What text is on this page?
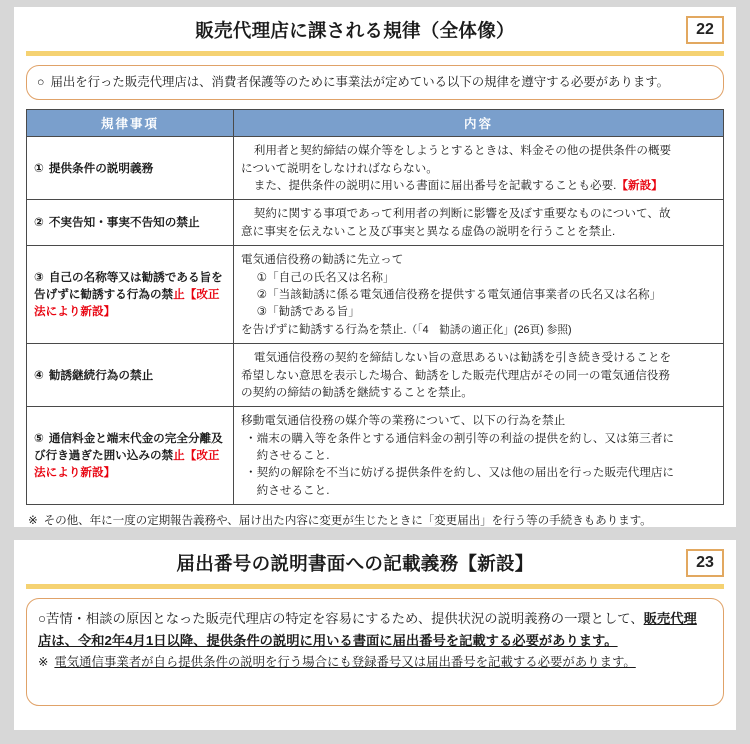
販売代理店に課される規律（全体像）	22
○ 届出を行った販売代理店は、消費者保護等のために事業法が定めている以下の規律を遵守する必要があります。
規律事項	内容
① 提供条件の説明義務	利用者と契約締結の媒介等をしようとするときは、料金その他の提供条件の概要
について説明をしなければならない。
また、提供条件の説明に用いる書面に届出番号を記載することも必要.【新設】

② 不実告知・事実不告知の禁止	契約に関する事項であって利用者の判断に影響を及ぼす重要なものについて、故
意に事実を伝えないこと及び事実と異なる虚偽の説明を行うことを禁止.

③ 自己の名称等又は勧誘である旨を告げずに勧誘する行為の禁止【改正法により新設】	電気通信役務の勧誘に先立って
①「自己の氏名又は名称」
②「当該勧誘に係る電気通信役務を提供する電気通信事業者の氏名又は名称」
③「勧誘である旨」
を告げずに勧誘する行為を禁止.（「4　勧誘の適正化」(26頁) 参照)

④ 勧誘継続行為の禁止	電気通信役務の契約を締結しない旨の意思あるいは勧誘を引き続き受けることを
希望しない意思を表示した場合、勧誘をした販売代理店がその同一の電気通信役務
の契約の締結の勧誘を継続することを禁止。

⑤ 通信料金と端末代金の完全分離及び行き過ぎた囲い込みの禁止【改正法により新設】	移動電気通信役務の媒介等の業務について、以下の行為を禁止
・端末の購入等を条件とする通信料金の割引等の利益の提供を約し、又は第三者に
約させること.
・契約の解除を不当に妨げる提供条件を約し、又は他の届出を行った販売代理店に
約させること.
※ その他、年に一度の定期報告義務や、届け出た内容に変更が生じたときに「変更届出」を行う等の手続きもあります。
届出番号の説明書面への記載義務【新設】	23
○苦情・相談の原因となった販売代理店の特定を容易にするため、提供状況の説明義務の一環として、販売代理店は、令和2年4月1日以降、提供条件の説明に用いる書面に届出番号を記載する必要があります。
※ 電気通信事業者が自ら提供条件の説明を行う場合にも登録番号又は届出番号を記載する必要があります。
